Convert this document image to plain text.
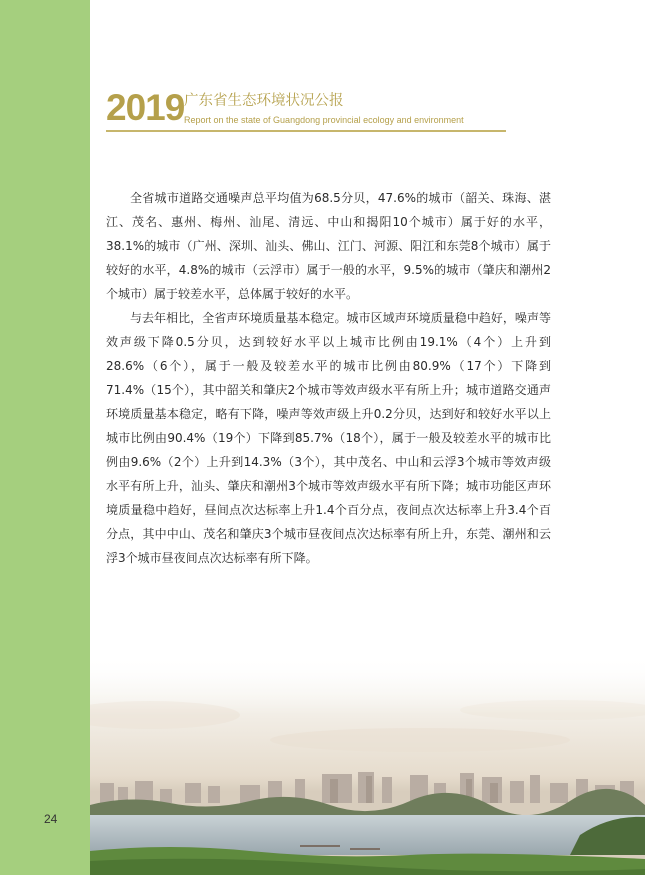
2019 广东省生态环境状况公报
Report on the state of Guangdong provincial ecology and environment

全省城市道路交通噪声总平均值为68.5分贝，47.6%的城市（韶关、珠海、湛江、茂名、惠州、梅州、汕尾、清远、中山和揭阳10个城市）属于好的水平，38.1%的城市（广州、深圳、汕头、佛山、江门、河源、阳江和东莞8个城市）属于较好的水平，4.8%的城市（云浮市）属于一般的水平，9.5%的城市（肇庆和潮州2个城市）属于较差水平，总体属于较好的水平。

与去年相比，全省声环境质量基本稳定。城市区域声环境质量稳中趋好，噪声等效声级下降0.5分贝，达到较好水平以上城市比例由19.1%（4个）上升到28.6%（6个），属于一般及较差水平的城市比例由80.9%（17个）下降到71.4%（15个），其中韶关和肇庆2个城市等效声级水平有所上升；城市道路交通声环境质量基本稳定，略有下降，噪声等效声级上升0.2分贝，达到好和较好水平以上城市比例由90.4%（19个）下降到85.7%（18个），属于一般及较差水平的城市比例由9.6%（2个）上升到14.3%（3个），其中茂名、中山和云浮3个城市等效声级水平有所上升，汕头、肇庆和潮州3个城市等效声级水平有所下降；城市功能区声环境质量稳中趋好，昼间点次达标率上升1.4个百分点，夜间点次达标率上升3.4个百分点，其中中山、茂名和肇庆3个城市昼夜间点次达标率有所上升，东莞、潮州和云浮3个城市昼夜间点次达标率有所下降。

24
